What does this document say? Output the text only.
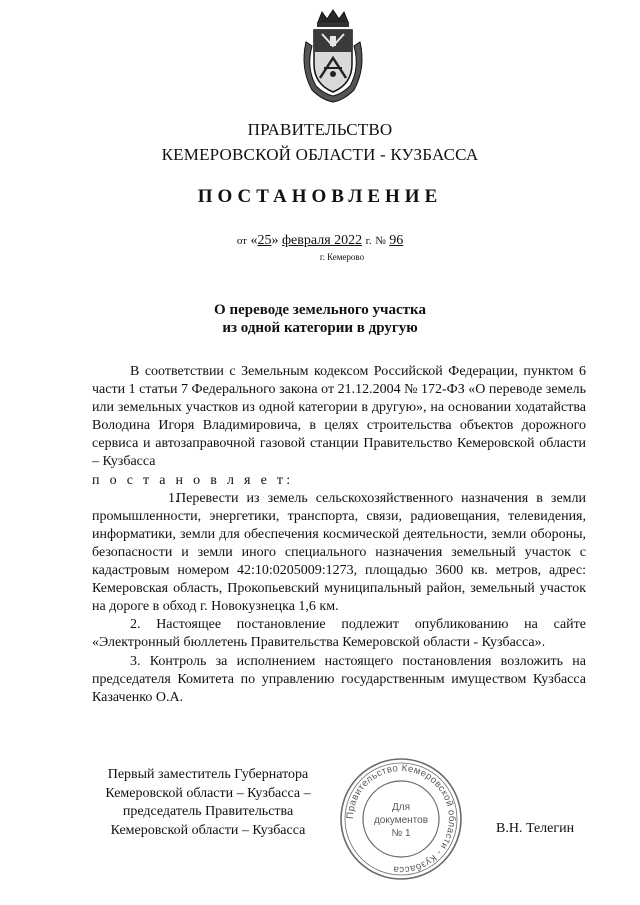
ПРАВИТЕЛЬСТВО
КЕМЕРОВСКОЙ ОБЛАСТИ - КУЗБАССА
ПОСТАНОВЛЕНИЕ
от «25» февраля 2022 г. № 96
г. Кемерово
О переводе земельного участка
из одной категории в другую

В соответствии с Земельным кодексом Российской Федерации, пунктом 6 части 1 статьи 7 Федерального закона от 21.12.2004 № 172-ФЗ «О переводе земель или земельных участков из одной категории в другую», на основании ходатайства Володина Игоря Владимировича, в целях строительства объектов дорожного сервиса и автозаправочной газовой станции Правительство Кемеровской области – Кузбасса

п о с т а н о в л я е т:

1.Перевести из земель сельскохозяйственного назначения в земли промышленности, энергетики, транспорта, связи, радиовещания, телевидения, информатики, земли для обеспечения космической деятельности, земли обороны, безопасности и земли иного специального назначения земельный участок с кадастровым номером 42:10:0205009:1273, площадью 3600 кв. метров, адрес: Кемеровская область, Прокопьевский муниципальный район, земельный участок на дороге в обход г. Новокузнецка 1,6 км.

2. Настоящее постановление подлежит опубликованию на сайте «Электронный бюллетень Правительства Кемеровской области - Кузбасса».

3. Контроль за исполнением настоящего постановления возложить на председателя Комитета по управлению государственным имуществом Кузбасса Казаченко О.А.

Первый заместитель Губернатора
Кемеровской области – Кузбасса –
председатель Правительства
Кемеровской области – Кузбасса	В.Н. Телегин
Правительство Кемеровской области - Кузбасса
Для
документов
№ 1
